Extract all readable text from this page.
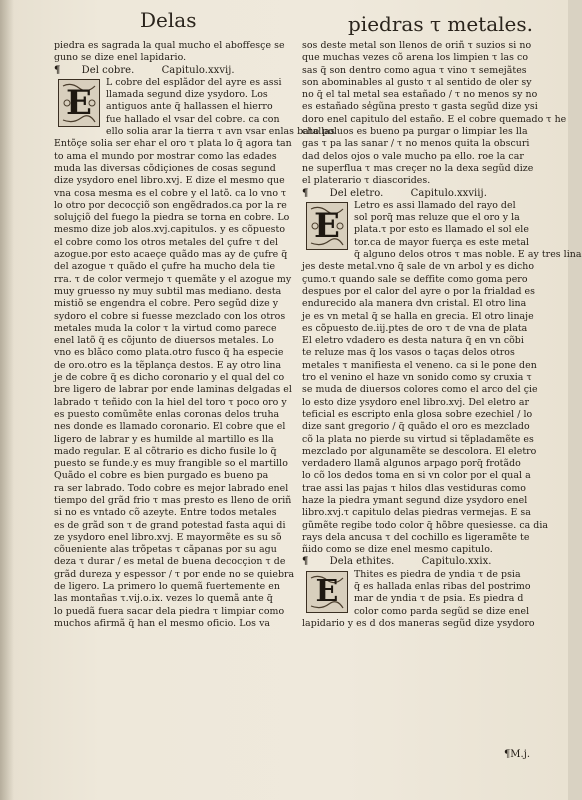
Delas	piedras τ metales.

piedra es sagrada la qual mucho el aboffesçe se

guno se dize enel lapidario.

¶ Del cobre.	Capitulo.xxvij.

E

L cobre del esplãdor del ayre es assi

llamada segund dize ysydoro. Los

antiguos ante q̃ hallassen el hierro

fue hallado el vsar del cobre. ca con

ello solia arar la tierra τ avn vsar enlas batallas

Entõçe solia ser ehar el oro τ plata lo q̃ agora tan

to ama el mundo por mostrar como las edades

muda las diversas cõdiçiones de cosas segund

dize ysydoro enel libro.xvj. E dize el mesmo que

vna cosa mesma es el cobre y el latõ. ca lo vno τ

lo otro por decocçiõ son engẽdrados.ca por la re

solujçiõ del fuego la piedra se torna en cobre. Lo

mesmo dize job alos.xvj.capitulos. y es cõpuesto

el cobre como los otros metales del çufre τ del

azogue.por esto acaeçe quãdo mas ay de çufre q̃

del azogue τ quãdo el çufre ha mucho dela tie

rra. τ de color vermejo τ quemãte y el azogue my

muy gruesso ny muy subtil mas mediano. desta

mistiõ se engendra el cobre. Pero segũd dize y

sydoro el cobre si fuesse mezclado con los otros

metales muda la color τ la virtud como parece

enel latõ q̃ es cõjunto de diuersos metales. Lo

vno es blãco como plata.otro fusco q̃ ha especie

de oro.otro es la tẽplança destos. E ay otro lina

je de cobre q̃ es dicho coronario y el qual del co

bre ligero de labrar por ende laminas delgadas el

labrado τ teñido con la hiel del toro τ poco oro y

es puesto comũmẽte enlas coronas delos truha

nes donde es llamado coronario. El cobre que el

ligero de labrar y es humilde al martillo es lla

mado regular. E al cõtrario es dicho fusile lo q̃

puesto se funde.y es muy frangible so el martillo

Quãdo el cobre es bien purgado es bueno pa

ra ser labrado. Todo cobre es mejor labrado enel

tiempo del grãd frio τ mas presto es lleno de oriñ

si no es vntado cõ azeyte. Entre todos metales

es de grãd son τ de grand potestad fasta aqui di

ze ysydoro enel libro.xvj. E mayormẽte es su sõ

cõueniente alas trõpetas τ cãpanas por su agu

deza τ durar / es metal de buena decocçion τ de

grãd dureza y espessor / τ por ende no se quiebra

de ligero. La primero lo quemã fuertemente en

las montañas τ.vij.o.ix. vezes lo quemã ante q̃

lo puedã fuera sacar dela piedra τ limpiar como

muchos afirmã q̃ han el mesmo oficio. Los va

sos deste metal son llenos de oriñ τ suzios si no

que muchas vezes cõ arena los limpien τ las co

sas q̃ son dentro como agua τ vino τ semejãtes

son abominables al gusto τ al sentido de oler sy

no q̃ el tal metal sea estañado / τ no menos sy no

es estañado se̾gũna presto τ gasta segũd dize ysi

doro enel capitulo del estaño. E el cobre quemado τ he

cho poluos es bueno pa purgar o limpiar les lla

gas τ pa las sanar / τ no menos quita la obscuri

dad delos ojos o vale mucho pa ello. roe la car

ne superflua τ mas creçer no la dexa segũd dize

el platerario τ diascorides.

¶ Del eletro.	Capitulo.xxviij.

E

Letro es assi llamado del rayo del

sol porq̃ mas reluze que el oro y la

plata.τ por esto es llamado el sol ele

tor.ca de mayor fuerça es este metal

q̃ alguno delos otros τ mas noble. E ay tres lina

jes deste metal.vno q̃ sale de vn arbol y es dicho

çumo.τ quando sale se deffite como goma pero

despues por el calor del ayre o por la frialdad es

endurecido ala manera dvn cristal. El otro lina

je es vn metal q̃ se halla en grecia. El otro linaje

es cõpuesto de.iij.ptes de oro τ de vna de plata

El eletro vdadero es desta natura q̃ en vn cõbi

te reluze mas q̃ los vasos o taças delos otros

metales τ manifiesta el veneno. ca si le pone den

tro el venino el haze vn sonido como sy cruxia τ

se muda de diuersos colores como el arco del çie

lo esto dize ysydoro enel libro.xvj. Del eletro ar

teficial es escripto enla glosa sobre ezechiel / lo

dize sant gregorio / q̃ quãdo el oro es mezclado

cõ la plata no pierde su virtud si tẽpladamẽte es

mezclado por algunamẽte se descolora. El eletro

verdadero llamã algunos arpago porq̃ frotãdo

lo cõ los dedos toma en si vn color por el qual a

trae assi las pajas τ hilos dlas vestiduras como

haze la piedra ymant segund dize ysydoro enel

libro.xvj.τ capitulo delas piedras vermejas. E sa

gũmẽte regibe todo color q̃ hõbre quesiesse. ca dia

rays dela ancusa τ del cochillo es ligeramẽte te

ñido como se dize enel mesmo capitulo.

¶ Dela ethites.	Capitulo.xxix.

E	Thites es piedra de yndia τ de psia

q̃ es hallada enlas ribas del postrimo

mar de yndia τ de psia. Es piedra d

color como parda segũd se dize enel

lapidario y es d dos maneras segũd dize ysydoro

¶M.j.
